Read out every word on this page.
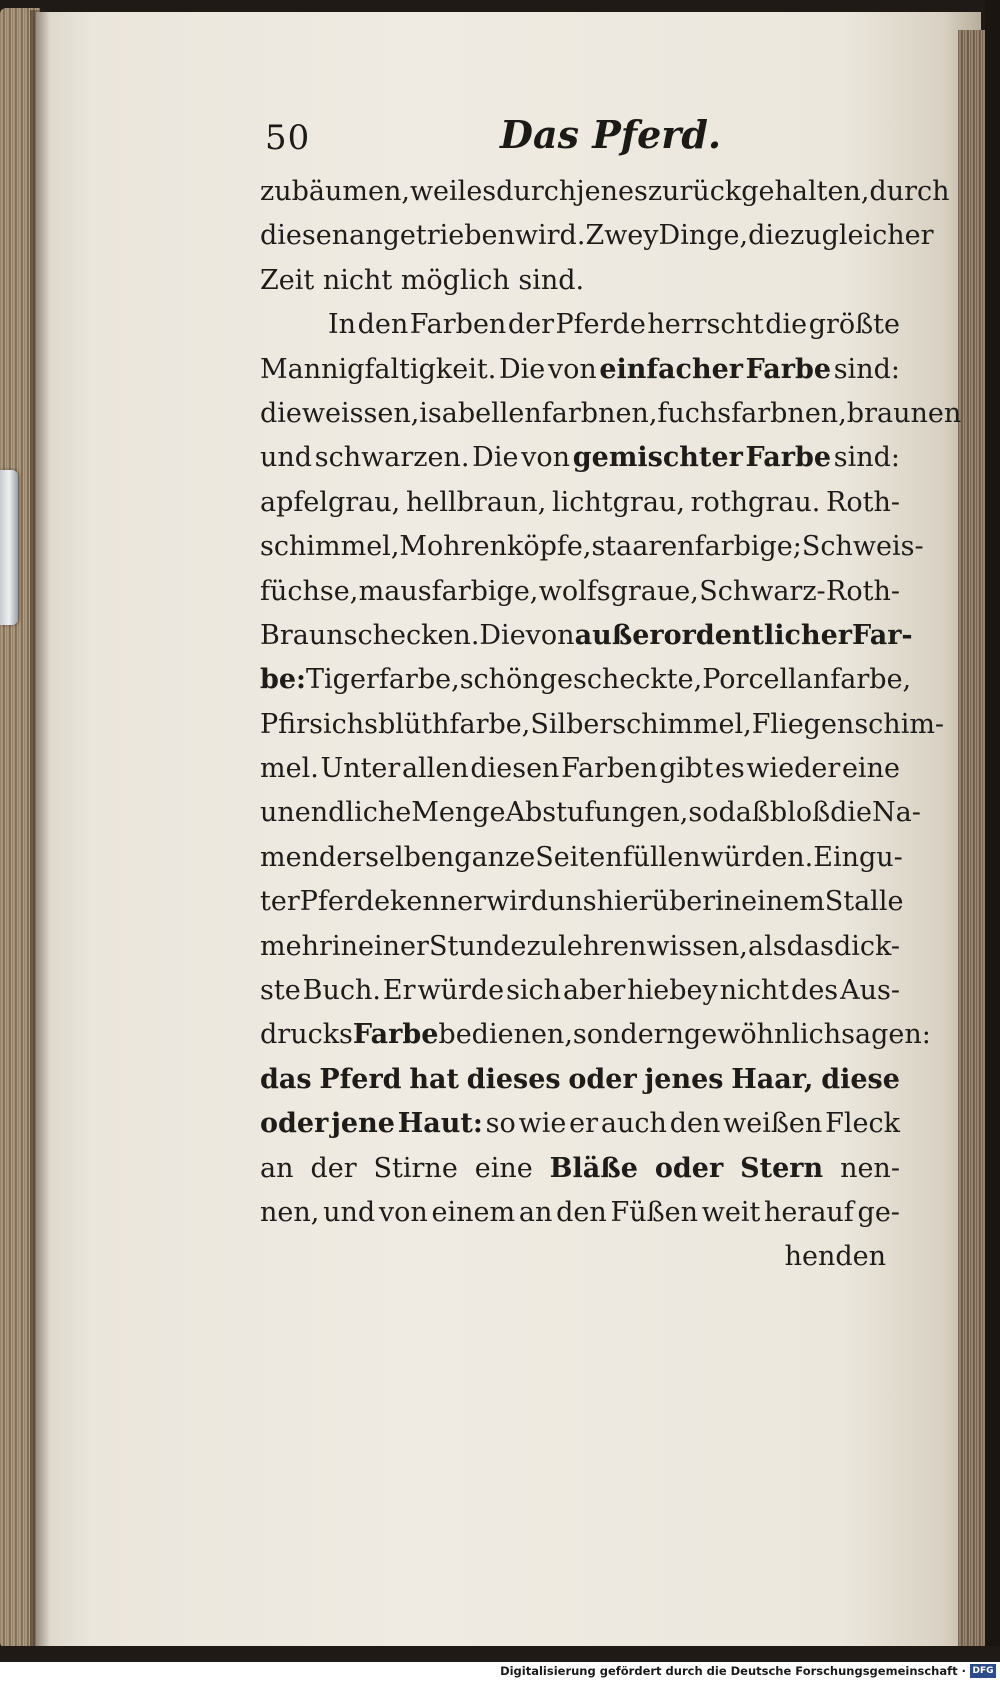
50	Das Pferd.
zubäumen, weil es durch jenes zurückgehalten, durch
diesen angetrieben wird. Zwey Dinge, die zu gleicher
Zeit
nicht
möglich
sind.

In den Farben der Pferde herrscht die größte
Mannigfaltigkeit. Die von einfacher Farbe sind:
die weissen, isabellenfarbnen, fuchsfarbnen, braunen
und schwarzen. Die von gemischter Farbe sind:
apfelgrau, hellbraun, lichtgrau, rothgrau. Roth-
schimmel, Mohrenköpfe, staarenfarbige; Schweis-
füchse, mausfarbige, wolfsgraue, Schwarz- Roth-
Braunschecken. Die von außerordentlicher Far-
be: Tigerfarbe, schöngescheckte, Porcellanfarbe,
Pfirsichsblüthfarbe, Silberschimmel, Fliegenschim-
mel. Unter allen diesen Farben gibt es wieder eine
unendliche Menge Abstufungen, so daß bloß die Na-
men derselben ganze Seiten füllen würden. Ein gu-
ter Pferdekenner wird uns hierüber in einem Stalle
mehr in einer Stunde zu lehren wissen, als das dick-
ste Buch. Er würde sich aber hiebey nicht des Aus-
drucks Farbe bedienen, sondern gewöhnlich sagen:
das Pferd hat dieses oder jenes Haar, diese
oder jene Haut: so wie er auch den weißen Fleck
an der Stirne eine Bläße oder Stern nen-
nen, und von einem an den Füßen weit herauf ge-
henden
Digitalisierung gefördert durch die Deutsche Forschungsgemeinschaft · DFG
